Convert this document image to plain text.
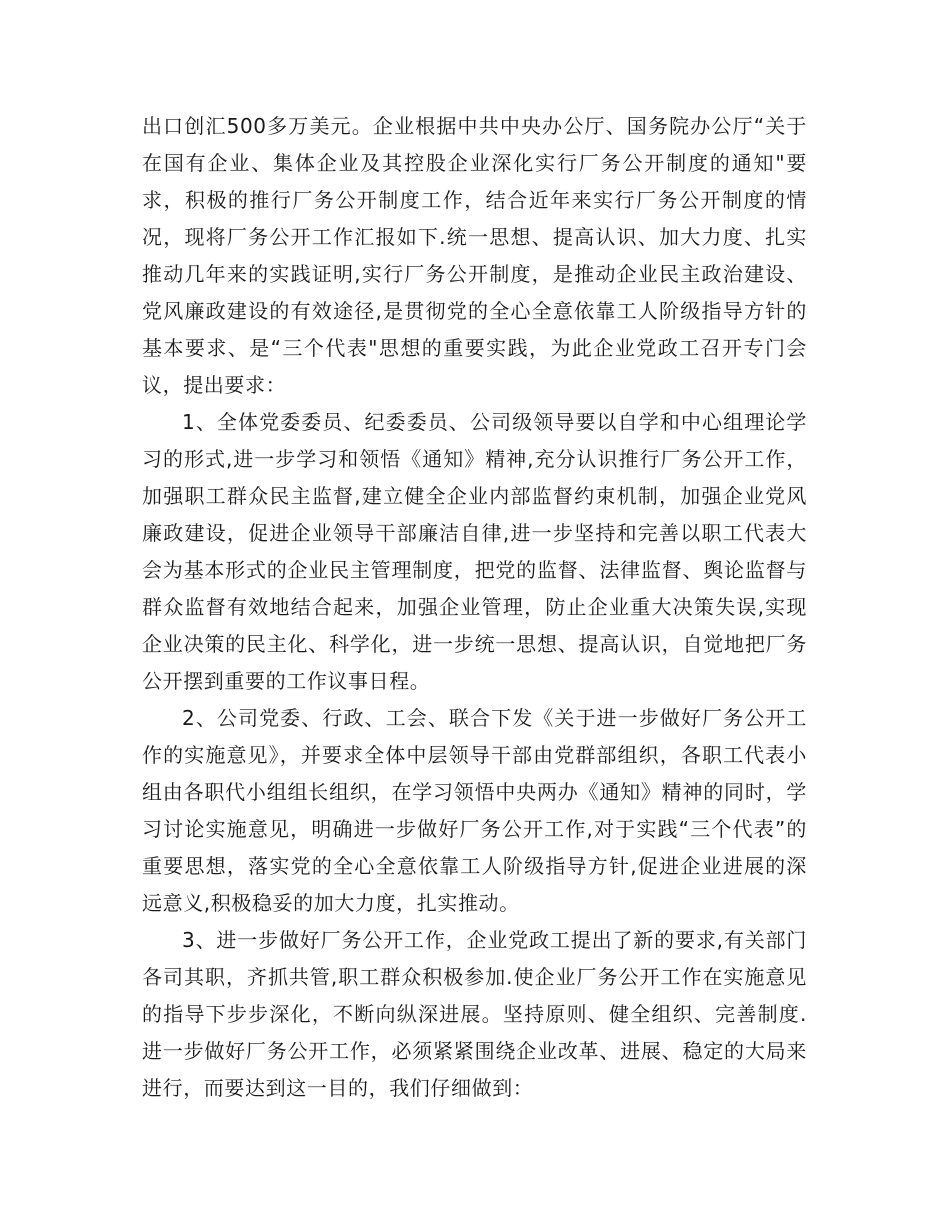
出口创汇500多万美元。企业根据中共中央办公厅、国务院办公厅“关于在国有企业、集体企业及其控股企业深化实行厂务公开制度的通知"要求，积极的推行厂务公开制度工作，结合近年来实行厂务公开制度的情况，现将厂务公开工作汇报如下.统一思想、提高认识、加大力度、扎实推动几年来的实践证明,实行厂务公开制度，是推动企业民主政治建设、党风廉政建设的有效途径,是贯彻党的全心全意依靠工人阶级指导方针的基本要求、是“三个代表"思想的重要实践，为此企业党政工召开专门会议，提出要求：

1、全体党委委员、纪委委员、公司级领导要以自学和中心组理论学习的形式,进一步学习和领悟《通知》精神,充分认识推行厂务公开工作，加强职工群众民主监督,建立健全企业内部监督约束机制，加强企业党风廉政建设，促进企业领导干部廉洁自律,进一步坚持和完善以职工代表大会为基本形式的企业民主管理制度，把党的监督、法律监督、舆论监督与群众监督有效地结合起来，加强企业管理，防止企业重大决策失误,实现企业决策的民主化、科学化，进一步统一思想、提高认识，自觉地把厂务公开摆到重要的工作议事日程。

2、公司党委、行政、工会、联合下发《关于进一步做好厂务公开工作的实施意见》，并要求全体中层领导干部由党群部组织，各职工代表小组由各职代小组组长组织，在学习领悟中央两办《通知》精神的同时，学习讨论实施意见，明确进一步做好厂务公开工作,对于实践“三个代表”的重要思想，落实党的全心全意依靠工人阶级指导方针,促进企业进展的深远意义,积极稳妥的加大力度，扎实推动。

3、进一步做好厂务公开工作，企业党政工提出了新的要求,有关部门各司其职，齐抓共管,职工群众积极参加.使企业厂务公开工作在实施意见的指导下步步深化，不断向纵深进展。坚持原则、健全组织、完善制度.进一步做好厂务公开工作，必须紧紧围绕企业改革、进展、稳定的大局来进行，而要达到这一目的，我们仔细做到：
